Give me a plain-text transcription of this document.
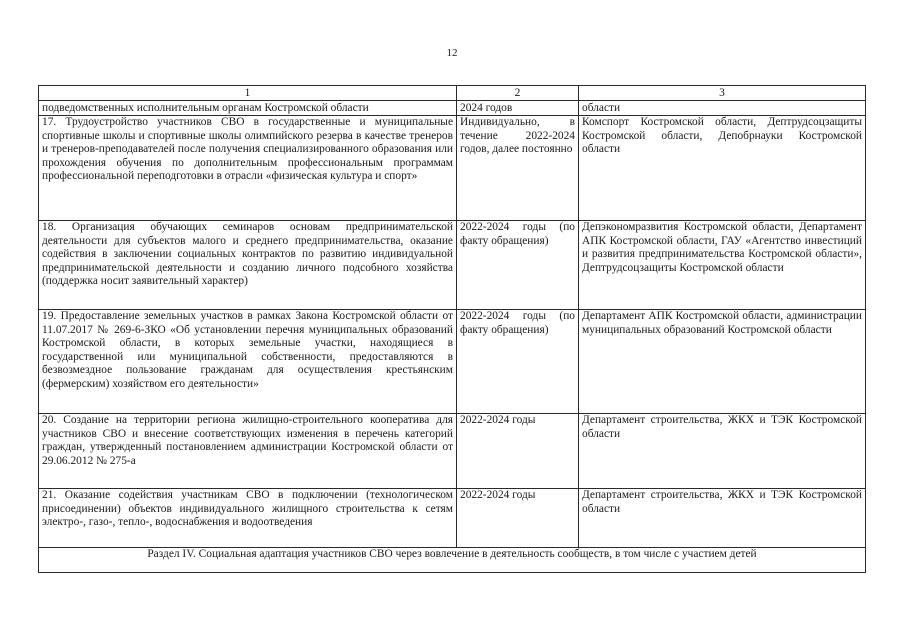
12
1	2	3
подведомственных исполнительным органам Костромской области	2024 годов	области
17. Трудоустройство участников СВО в государственные и муниципальные спортивные школы и спортивные школы олимпийского резерва в качестве тренеров и тренеров-преподавателей после получения специализированного образования или прохождения обучения по дополнительным профессиональным программам профессиональной переподготовки в отрасли «физическая культура и спорт»	Индивидуально, в течение 2022-2024 годов, далее постоянно	Комспорт Костромской области, Дептрудсоцзащиты Костромской области, Депобрнауки Костромской области
18. Организация обучающих семинаров основам предпринимательской деятельности для субъектов малого и среднего предпринимательства, оказание содействия в заключении социальных контрактов по развитию индивидуальной предпринимательской деятельности и созданию личного подсобного хозяйства (поддержка носит заявительный характер)	2022-2024 годы (по факту обращения)	Депэкономразвития Костромской области, Департамент АПК Костромской области, ГАУ «Агентство инвестиций и развития предпринимательства Костромской области», Дептрудсоцзащиты Костромской области
19. Предоставление земельных участков в рамках Закона Костромской области от 11.07.2017 № 269-6-ЗКО «Об установлении перечня муниципальных образований Костромской области, в которых земельные участки, находящиеся в государственной или муниципальной собственности, предоставляются в безвозмездное пользование гражданам для осуществления крестьянским (фермерским) хозяйством его деятельности»	2022-2024 годы (по факту обращения)	Департамент АПК Костромской области, администрации муниципальных образований Костромской области
20. Создание на территории региона жилищно-строительного кооператива для участников СВО и внесение соответствующих изменения в перечень категорий граждан, утвержденный постановлением администрации Костромской области от 29.06.2012 № 275-а	2022-2024 годы	Департамент строительства, ЖКХ и ТЭК Костромской области
21. Оказание содействия участникам СВО в подключении (технологическом присоединении) объектов индивидуального жилищного строительства к сетям электро-, газо-, тепло-, водоснабжения и водоотведения	2022-2024 годы	Департамент строительства, ЖКХ и ТЭК Костромской области
Раздел IV. Социальная адаптация участников СВО через вовлечение в деятельность сообществ, в том числе с участием детей		
